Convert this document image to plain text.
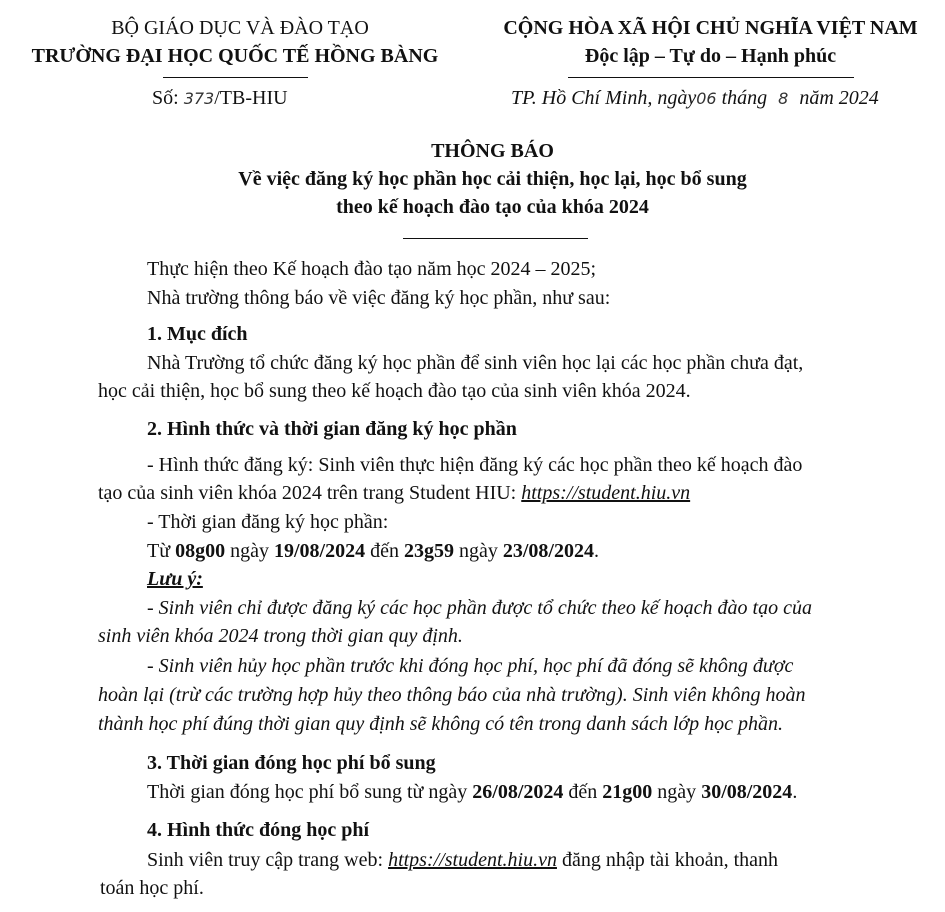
BỘ GIÁO DỤC VÀ ĐÀO TẠO
TRƯỜNG ĐẠI HỌC QUỐC TẾ HỒNG BÀNG
Số: 373/TB-HIU
CỘNG HÒA XÃ HỘI CHỦ NGHĨA VIỆT NAM
Độc lập – Tự do – Hạnh phúc
TP. Hồ Chí Minh, ngày06 tháng 8 năm 2024
THÔNG BÁO
Về việc đăng ký học phần học cải thiện, học lại, học bổ sung
theo kế hoạch đào tạo của khóa 2024
Thực hiện theo Kế hoạch đào tạo năm học 2024 – 2025;
Nhà trường thông báo về việc đăng ký học phần, như sau:
1. Mục đích
Nhà Trường tổ chức đăng ký học phần để sinh viên học lại các học phần chưa đạt,
học cải thiện, học bổ sung theo kế hoạch đào tạo của sinh viên khóa 2024.
2. Hình thức và thời gian đăng ký học phần
- Hình thức đăng ký: Sinh viên thực hiện đăng ký các học phần theo kế hoạch đào
tạo của sinh viên khóa 2024 trên trang Student HIU: https://student.hiu.vn
- Thời gian đăng ký học phần:
Từ 08g00 ngày 19/08/2024 đến 23g59 ngày 23/08/2024.
Lưu ý:
- Sinh viên chỉ được đăng ký các học phần được tổ chức theo kế hoạch đào tạo của
sinh viên khóa 2024 trong thời gian quy định.
- Sinh viên hủy học phần trước khi đóng học phí, học phí đã đóng sẽ không được
hoàn lại (trừ các trường hợp hủy theo thông báo của nhà trường). Sinh viên không hoàn
thành học phí đúng thời gian quy định sẽ không có tên trong danh sách lớp học phần.
3. Thời gian đóng học phí bổ sung
Thời gian đóng học phí bổ sung từ ngày 26/08/2024 đến 21g00 ngày 30/08/2024.
4. Hình thức đóng học phí
Sinh viên truy cập trang web: https://student.hiu.vn đăng nhập tài khoản, thanh
toán học phí.
